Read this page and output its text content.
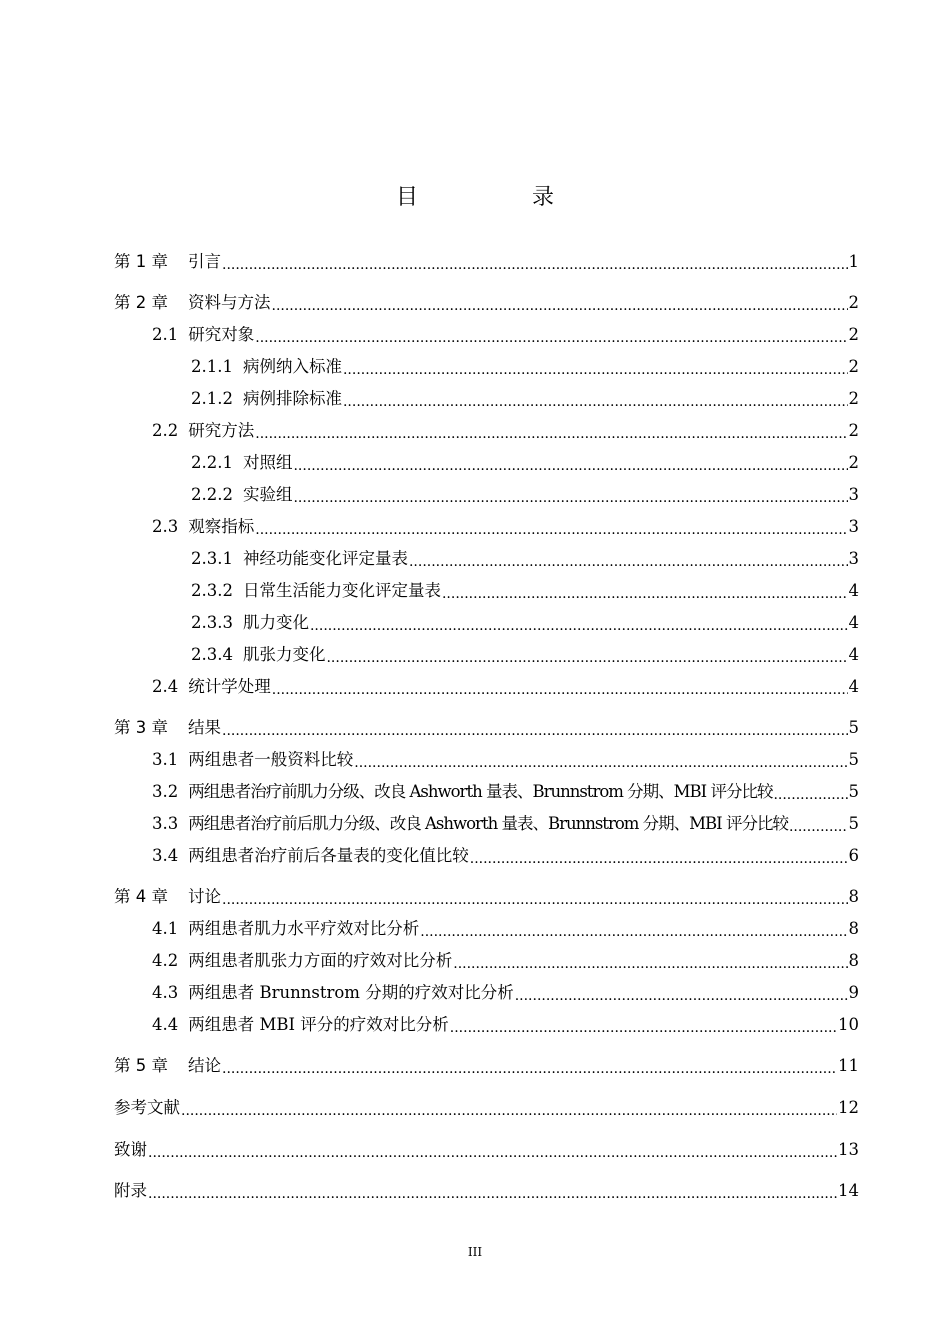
目　录
第 1 章 引言 .....	1
第 2 章 资料与方法 .....	2
2.1 研究对象 .....	2
2.1.1 病例纳入标准 .....	2
2.1.2 病例排除标准 .....	2
2.2 研究方法 .....	2
2.2.1 对照组 .....	2
2.2.2 实验组 .....	3
2.3 观察指标 .....	3
2.3.1 神经功能变化评定量表 .....	3
2.3.2 日常生活能力变化评定量表 .....	4
2.3.3 肌力变化 .....	4
2.3.4 肌张力变化 .....	4
2.4 统计学处理 .....	4
第 3 章 结果 .....	5
3.1 两组患者一般资料比较 .....	5
3.2 两组患者治疗前肌力分级、改良 Ashworth 量表、Brunnstrom 分期、MBI 评分比较 .....	5
3.3 两组患者治疗前后肌力分级、改良 Ashworth 量表、Brunnstrom 分期、MBI 评分比较 .....	5
3.4 两组患者治疗前后各量表的变化值比较 .....	6
第 4 章 讨论 .....	8
4.1 两组患者肌力水平疗效对比分析 .....	8
4.2 两组患者肌张力方面的疗效对比分析 .....	8
4.3 两组患者 Brunnstrom 分期的疗效对比分析 .....	9
4.4 两组患者 MBI 评分的疗效对比分析 .....	10
第 5 章 结论 .....	11
参考文献 .....	12
致谢 .....	13
附录 .....	14
III
